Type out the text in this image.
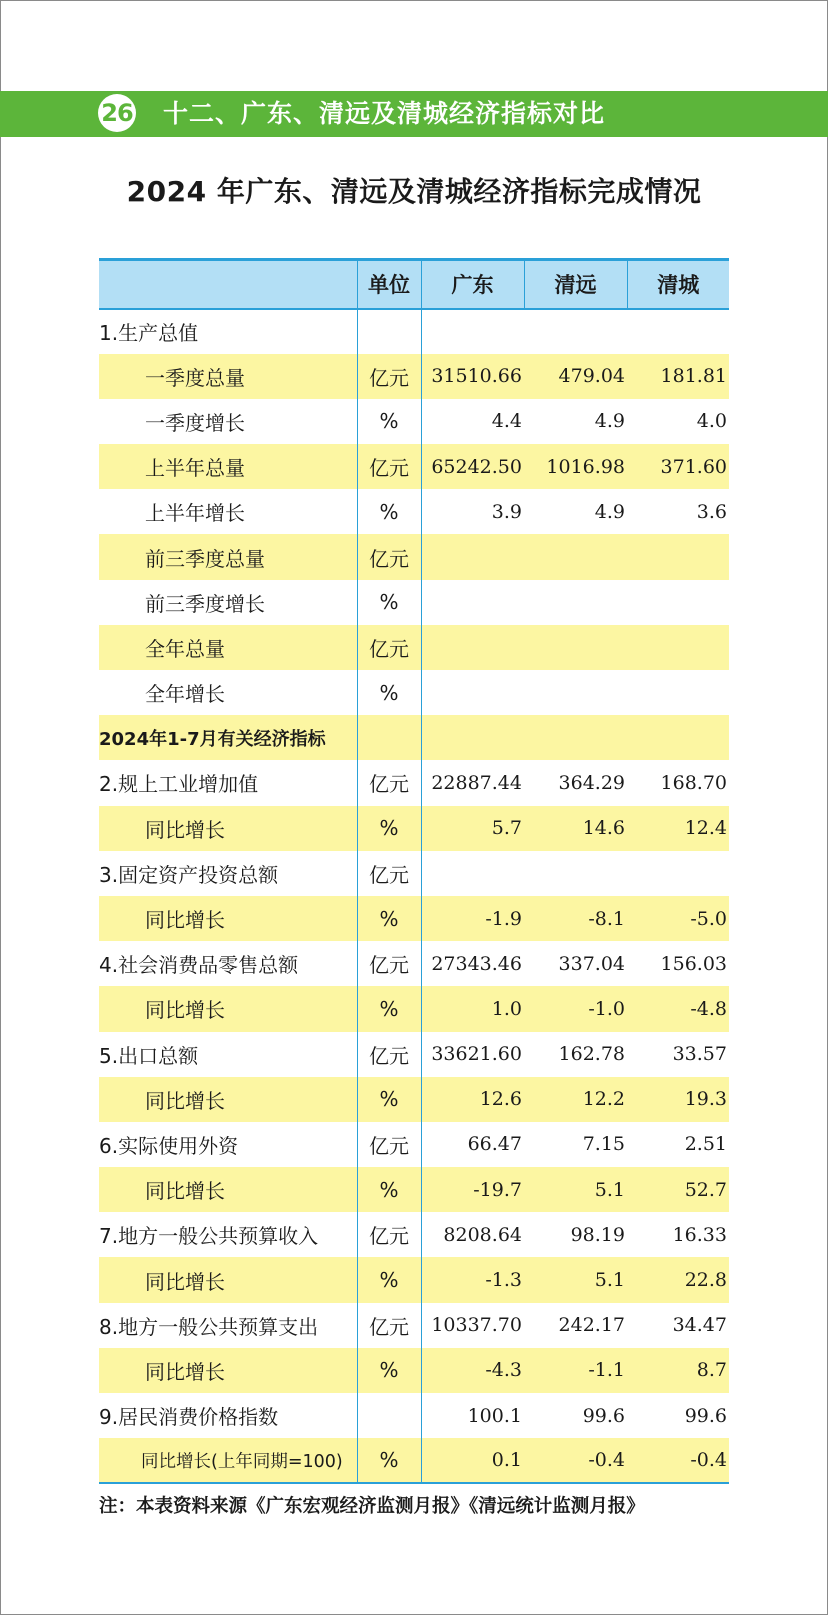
26 十二、广东、清远及清城经济指标对比
2024 年广东、清远及清城经济指标完成情况
	单位	广东	清远	清城
1.生产总值				
一季度总量	亿元	31510.66	479.04	181.81
一季度增长	%	4.4	4.9	4.0
上半年总量	亿元	65242.50	1016.98	371.60
上半年增长	%	3.9	4.9	3.6
前三季度总量	亿元			
前三季度增长	%			
全年总量	亿元			
全年增长	%			
2024年1-7月有关经济指标				
2.规上工业增加值	亿元	22887.44	364.29	168.70
同比增长	%	5.7	14.6	12.4
3.固定资产投资总额	亿元			
同比增长	%	-1.9	-8.1	-5.0
4.社会消费品零售总额	亿元	27343.46	337.04	156.03
同比增长	%	1.0	-1.0	-4.8
5.出口总额	亿元	33621.60	162.78	33.57
同比增长	%	12.6	12.2	19.3
6.实际使用外资	亿元	66.47	7.15	2.51
同比增长	%	-19.7	5.1	52.7
7.地方一般公共预算收入	亿元	8208.64	98.19	16.33
同比增长	%	-1.3	5.1	22.8
8.地方一般公共预算支出	亿元	10337.70	242.17	34.47
同比增长	%	-4.3	-1.1	8.7
9.居民消费价格指数		100.1	99.6	99.6
同比增长(上年同期=100)	%	0.1	-0.4	-0.4
注：本表资料来源《广东宏观经济监测月报》《清远统计监测月报》
